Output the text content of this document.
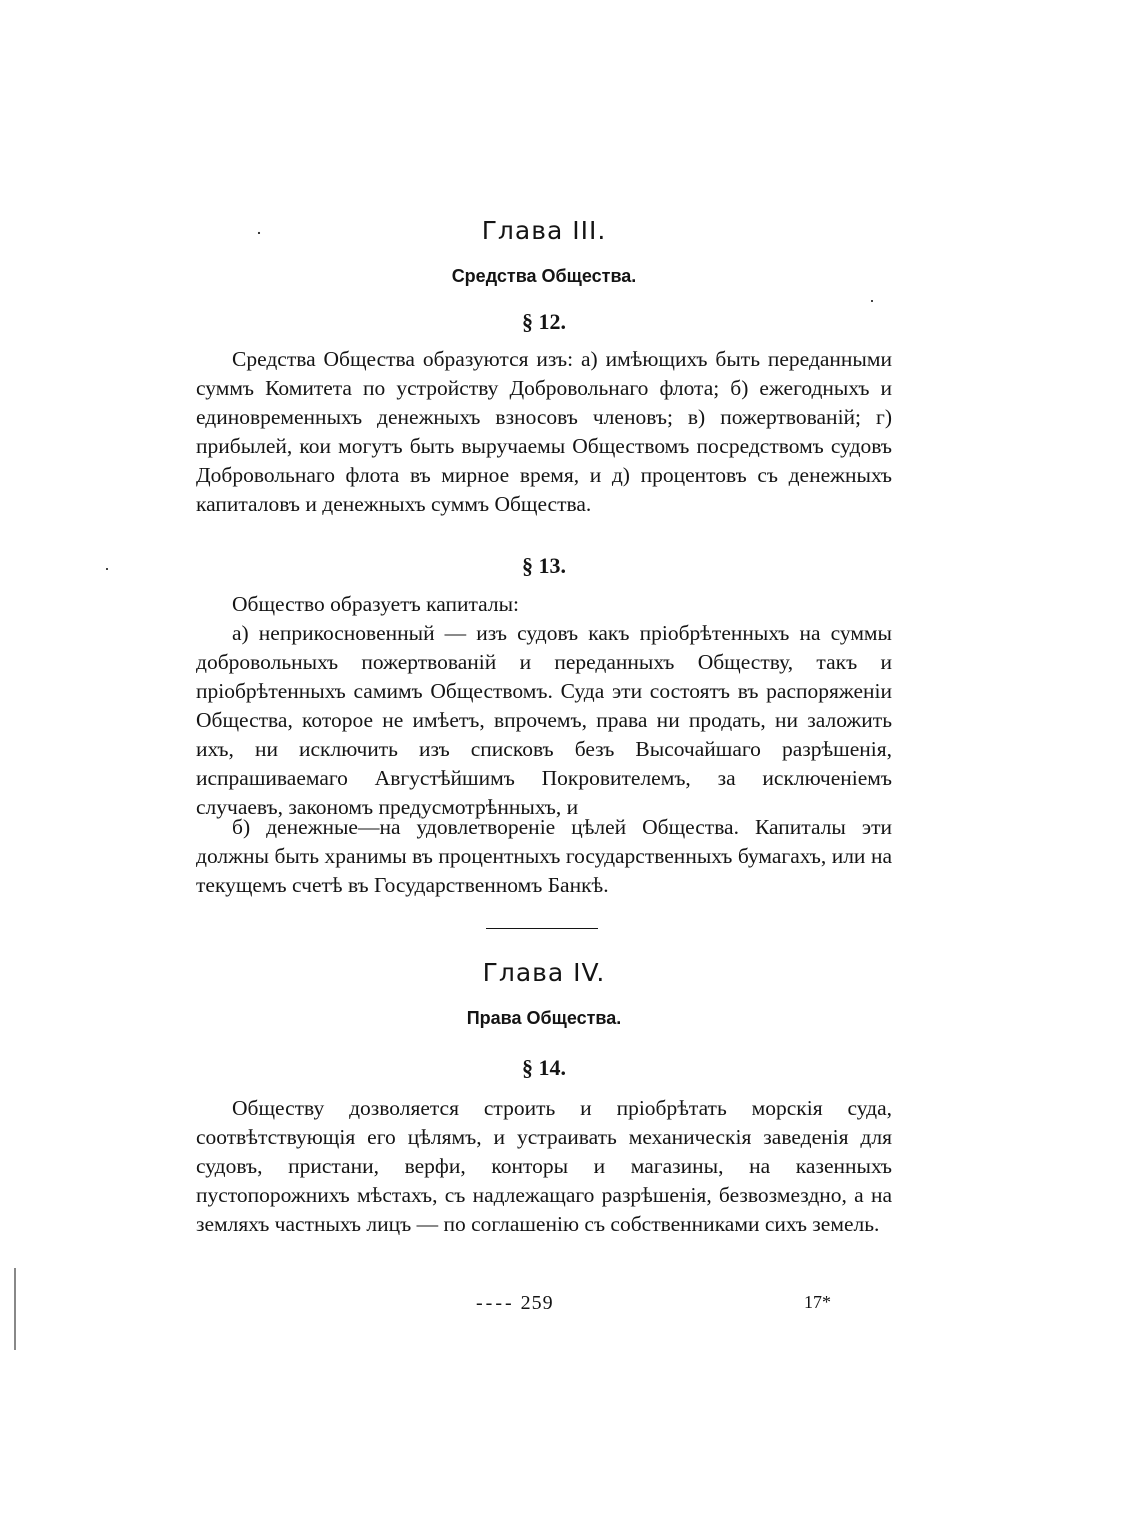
·	Глава III.
Средства Общества.
§ 12.

Средства Общества образуются изъ: а) имѣющихъ быть переданными суммъ Комитета по устройству Добровольнаго флота; б) ежегодныхъ и единовременныхъ денежныхъ взносовъ членовъ; в) пожертвованій; г) прибылей, кои могутъ быть выручаемы Обществомъ посредствомъ судовъ Добровольнаго флота въ мирное время, и д) процентовъ съ денежныхъ капиталовъ и денежныхъ суммъ Общества.

§ 13.

Общество образуетъ капиталы:

а) неприкосновенный — изъ судовъ какъ пріобрѣтенныхъ на суммы добровольныхъ пожертвованій и переданныхъ Обществу, такъ и пріобрѣтенныхъ самимъ Обществомъ. Суда эти состоятъ въ распоряженіи Общества, которое не имѣетъ, впрочемъ, права ни продать, ни заложить ихъ, ни исключить изъ списковъ безъ Высочайшаго разрѣшенія, испрашиваемаго Августѣйшимъ Покровителемъ, за исключеніемъ случаевъ, закономъ предусмотрѣнныхъ, и

б) денежные—на удовлетвореніе цѣлей Общества. Капиталы эти должны быть хранимы въ процентныхъ государственныхъ бумагахъ, или на текущемъ счетѣ въ Государственномъ Банкѣ.

Глава IV.
Права Общества.
§ 14.

Обществу дозволяется строить и пріобрѣтать морскія суда, соотвѣтствующія его цѣлямъ, и устраивать механическія заведенія для судовъ, пристани, верфи, конторы и магазины, на казенныхъ пустопорожнихъ мѣстахъ, съ надлежащаго разрѣшенія, безвозмездно, а на земляхъ частныхъ лицъ — по соглашенію съ собственниками сихъ земель.

---- 259	17*
